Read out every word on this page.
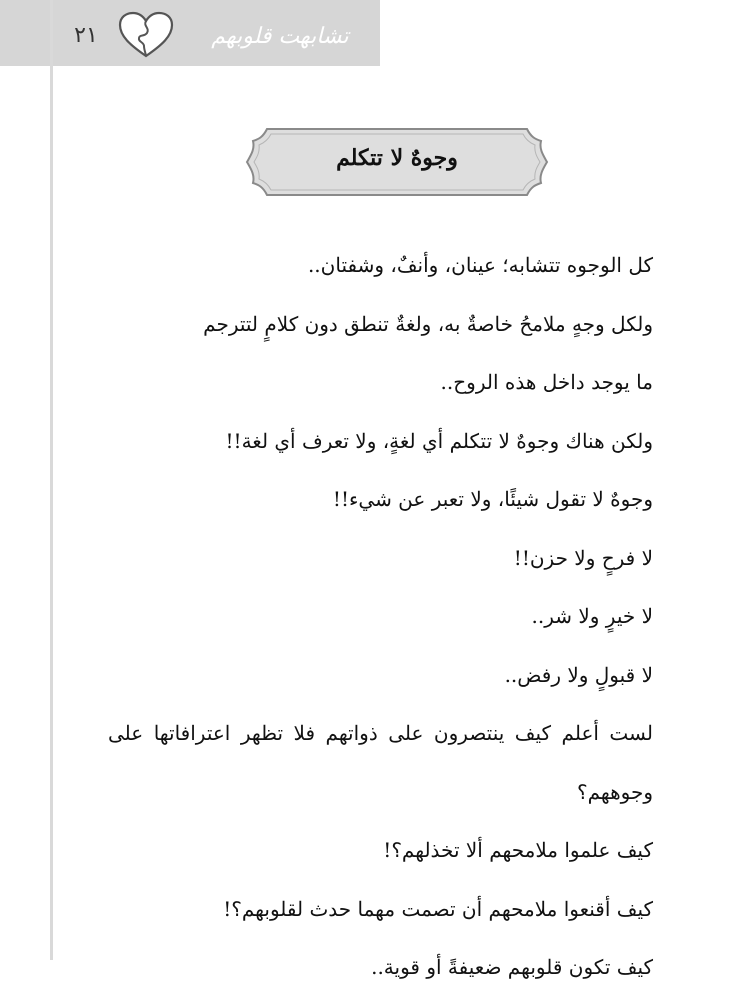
٢١	تشابهت قلوبهم
وجوهٌ لا تتكلم

كل الوجوه تتشابه؛ عينان، وأنفٌ، وشفتان..

ولكل وجهٍ ملامحُ خاصةٌ به، ولغةٌ تنطق دون كلامٍ لتترجم

ما يوجد داخل هذه الروح..

ولكن هناك وجوهٌ لا تتكلم أي لغةٍ، ولا تعرف أي لغة!!

وجوهٌ لا تقول شيئًا، ولا تعبر عن شيء!!

لا فرحٍ ولا حزن!!

لا خيرٍ ولا شر..

لا قبولٍ ولا رفض..

لست أعلم كيف ينتصرون على ذواتهم فلا تظهر اعترافاتها على وجوههم؟

كيف علموا ملامحهم ألا تخذلهم؟!

كيف أقنعوا ملامحهم أن تصمت مهما حدث لقلوبهم؟!

كيف تكون قلوبهم ضعيفةً أو قوية..
